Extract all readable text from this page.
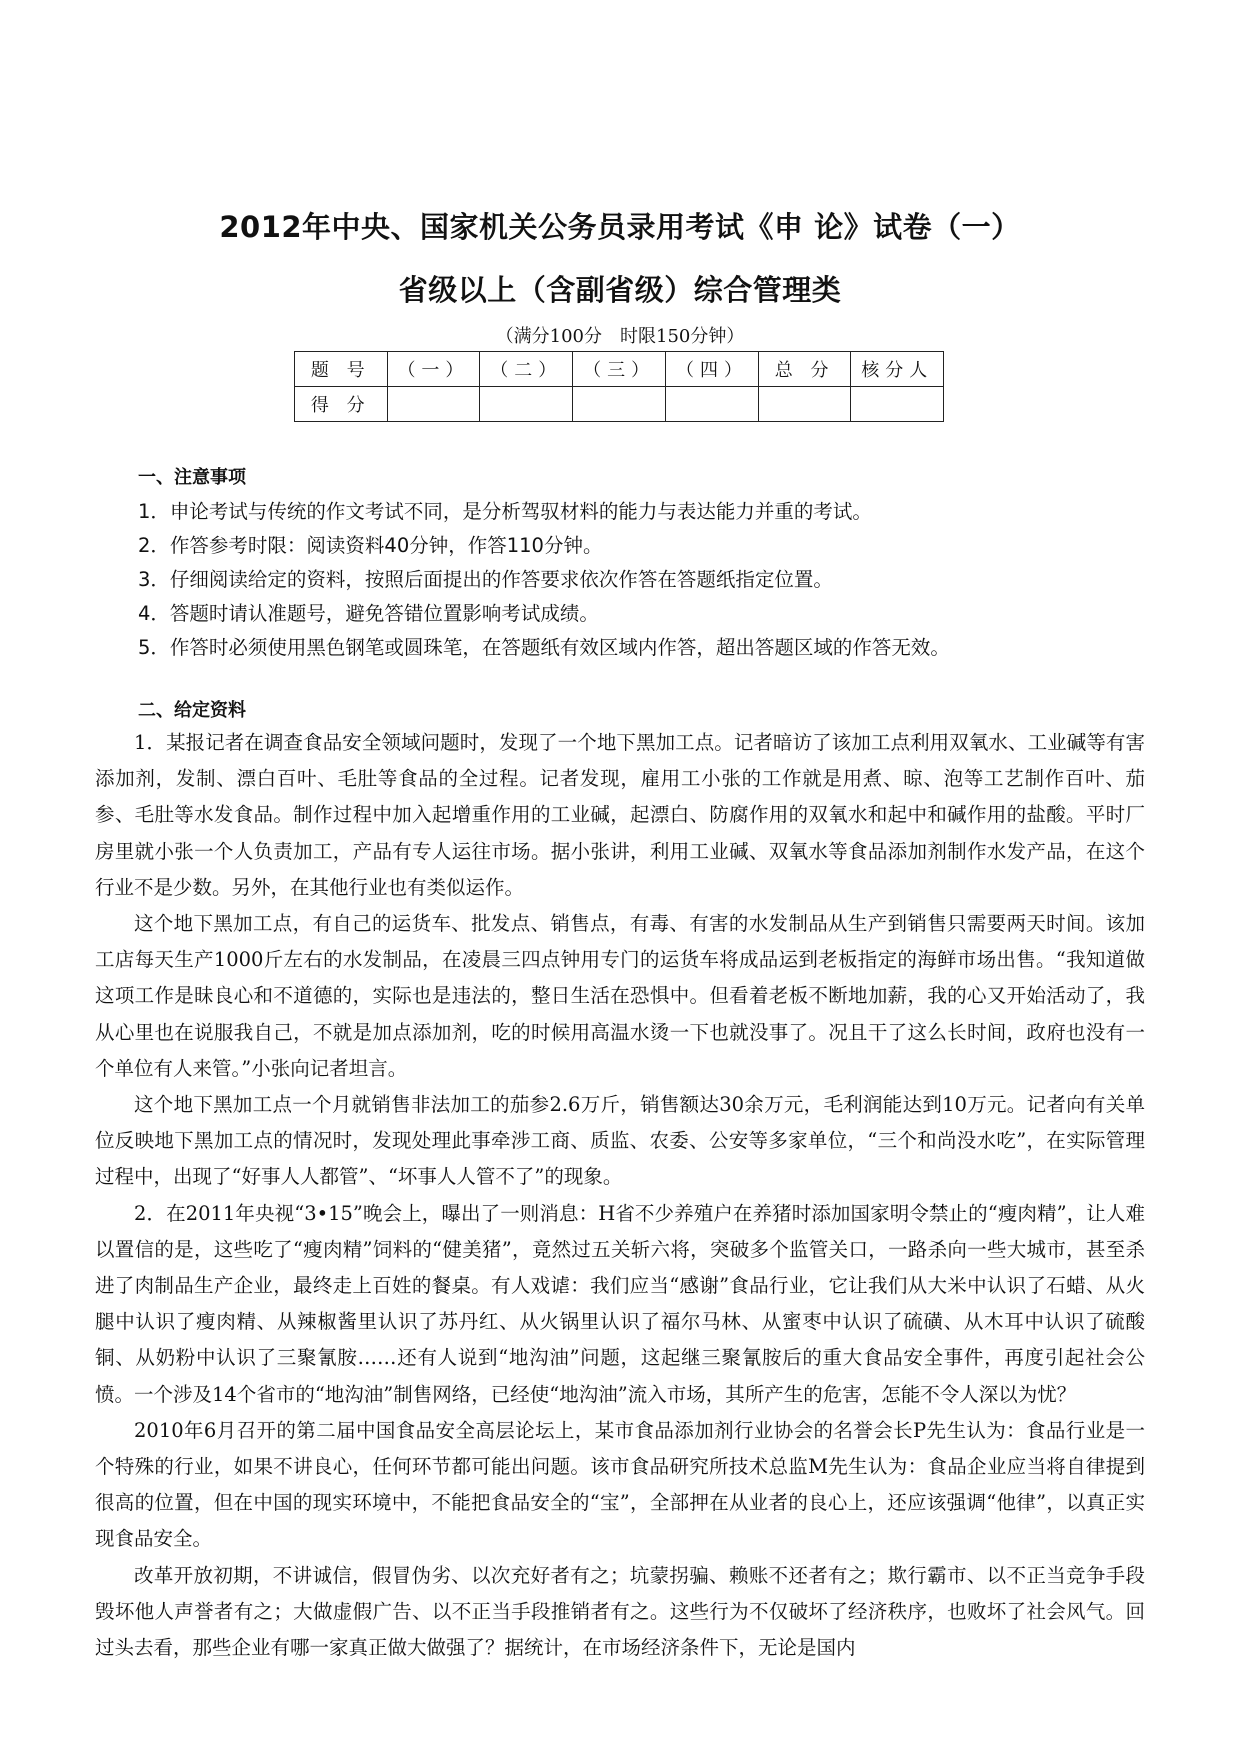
2012年中央、国家机关公务员录用考试《申 论》试卷（一）
省级以上（含副省级）综合管理类
（满分100分　时限150分钟）
题 号	（一）	（二）	（三）	（四）	总 分	核分人
得 分						
一、注意事项
1．申论考试与传统的作文考试不同，是分析驾驭材料的能力与表达能力并重的考试。
2．作答参考时限：阅读资料40分钟，作答110分钟。
3．仔细阅读给定的资料，按照后面提出的作答要求依次作答在答题纸指定位置。
4．答题时请认准题号，避免答错位置影响考试成绩。
5．作答时必须使用黑色钢笔或圆珠笔，在答题纸有效区域内作答，超出答题区域的作答无效。
二、给定资料

1．某报记者在调查食品安全领域问题时，发现了一个地下黑加工点。记者暗访了该加工点利用双氧水、工业碱等有害添加剂，发制、漂白百叶、毛肚等食品的全过程。记者发现，雇用工小张的工作就是用煮、晾、泡等工艺制作百叶、茄参、毛肚等水发食品。制作过程中加入起增重作用的工业碱，起漂白、防腐作用的双氧水和起中和碱作用的盐酸。平时厂房里就小张一个人负责加工，产品有专人运往市场。据小张讲，利用工业碱、双氧水等食品添加剂制作水发产品，在这个行业不是少数。另外，在其他行业也有类似运作。

这个地下黑加工点，有自己的运货车、批发点、销售点，有毒、有害的水发制品从生产到销售只需要两天时间。该加工店每天生产1000斤左右的水发制品，在凌晨三四点钟用专门的运货车将成品运到老板指定的海鲜市场出售。“我知道做这项工作是昧良心和不道德的，实际也是违法的，整日生活在恐惧中。但看着老板不断地加薪，我的心又开始活动了，我从心里也在说服我自己，不就是加点添加剂，吃的时候用高温水烫一下也就没事了。况且干了这么长时间，政府也没有一个单位有人来管。”小张向记者坦言。

这个地下黑加工点一个月就销售非法加工的茄参2.6万斤，销售额达30余万元，毛利润能达到10万元。记者向有关单位反映地下黑加工点的情况时，发现处理此事牵涉工商、质监、农委、公安等多家单位，“三个和尚没水吃”，在实际管理过程中，出现了“好事人人都管”、“坏事人人管不了”的现象。

2．在2011年央视“3•15”晚会上，曝出了一则消息：H省不少养殖户在养猪时添加国家明令禁止的“瘦肉精”，让人难以置信的是，这些吃了“瘦肉精”饲料的“健美猪”，竟然过五关斩六将，突破多个监管关口，一路杀向一些大城市，甚至杀进了肉制品生产企业，最终走上百姓的餐桌。有人戏谑：我们应当“感谢”食品行业，它让我们从大米中认识了石蜡、从火腿中认识了瘦肉精、从辣椒酱里认识了苏丹红、从火锅里认识了福尔马林、从蜜枣中认识了硫磺、从木耳中认识了硫酸铜、从奶粉中认识了三聚氰胺……还有人说到“地沟油”问题，这起继三聚氰胺后的重大食品安全事件，再度引起社会公愤。一个涉及14个省市的“地沟油”制售网络，已经使“地沟油”流入市场，其所产生的危害，怎能不令人深以为忧？

2010年6月召开的第二届中国食品安全高层论坛上，某市食品添加剂行业协会的名誉会长P先生认为：食品行业是一个特殊的行业，如果不讲良心，任何环节都可能出问题。该市食品研究所技术总监M先生认为：食品企业应当将自律提到很高的位置，但在中国的现实环境中，不能把食品安全的“宝”，全部押在从业者的良心上，还应该强调“他律”，以真正实现食品安全。

改革开放初期，不讲诚信，假冒伪劣、以次充好者有之；坑蒙拐骗、赖账不还者有之；欺行霸市、以不正当竞争手段毁坏他人声誉者有之；大做虚假广告、以不正当手段推销者有之。这些行为不仅破坏了经济秩序，也败坏了社会风气。回过头去看，那些企业有哪一家真正做大做强了？据统计，在市场经济条件下，无论是国内
